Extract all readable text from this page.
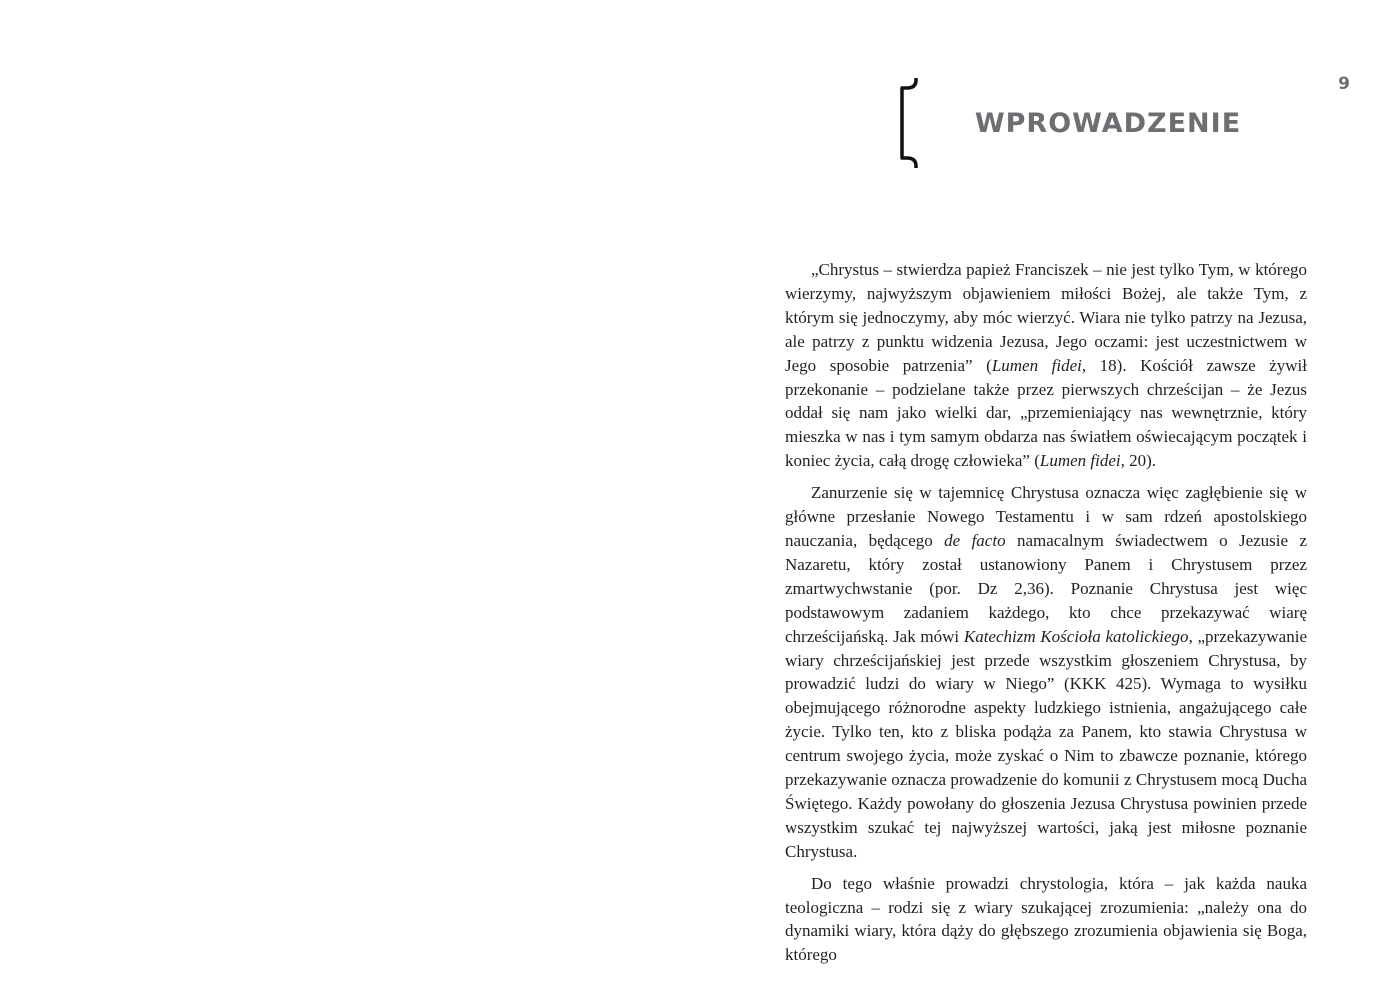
9
WPROWADZENIE

„Chrystus – stwierdza papież Franciszek – nie jest tylko Tym, w którego wierzymy, najwyższym objawieniem miłości Bożej, ale także Tym, z którym się jednoczymy, aby móc wierzyć. Wiara nie tylko patrzy na Jezusa, ale patrzy z punktu widzenia Jezusa, Jego oczami: jest uczestnictwem w Jego sposobie patrzenia” (Lumen fidei, 18). Kościół zawsze żywił przekonanie – podzielane także przez pierwszych chrześcijan – że Jezus oddał się nam jako wielki dar, „przemieniający nas wewnętrznie, który mieszka w nas i tym samym obdarza nas światłem oświecającym początek i koniec życia, całą drogę człowieka” (Lumen fidei, 20).

Zanurzenie się w tajemnicę Chrystusa oznacza więc zagłębienie się w główne przesłanie Nowego Testamentu i w sam rdzeń apostolskiego nauczania, będącego de facto namacalnym świadectwem o Jezusie z Nazaretu, który został ustanowiony Panem i Chrystusem przez zmartwychwstanie (por. Dz 2,36). Poznanie Chrystusa jest więc podstawowym zadaniem każdego, kto chce przekazywać wiarę chrześcijańską. Jak mówi Katechizm Kościoła katolickiego, „przekazywanie wiary chrześcijańskiej jest przede wszystkim głoszeniem Chrystusa, by prowadzić ludzi do wiary w Niego” (KKK 425). Wymaga to wysiłku obejmującego różnorodne aspekty ludzkiego istnienia, angażującego całe życie. Tylko ten, kto z bliska podąża za Panem, kto stawia Chrystusa w centrum swojego życia, może zyskać o Nim to zbawcze poznanie, którego przekazywanie oznacza prowadzenie do komunii z Chrystusem mocą Ducha Świętego. Każdy powołany do głoszenia Jezusa Chrystusa powinien przede wszystkim szukać tej najwyższej wartości, jaką jest miłosne poznanie Chrystusa.

Do tego właśnie prowadzi chrystologia, która – jak każda nauka teologiczna – rodzi się z wiary szukającej zrozumienia: „należy ona do dynamiki wiary, która dąży do głębszego zrozumienia objawienia się Boga, którego
